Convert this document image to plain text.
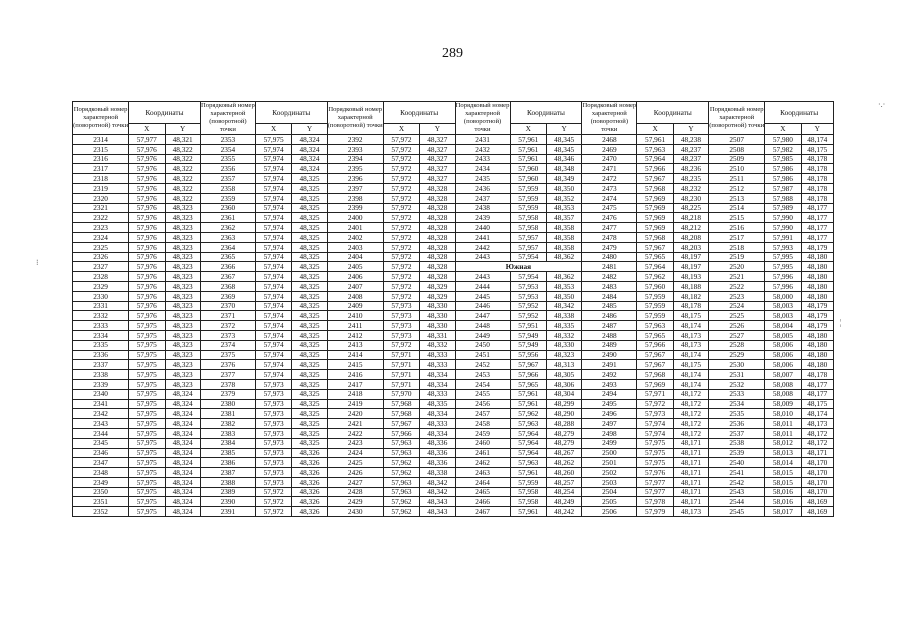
289
⁝
·.·
¦
Порядковый номер характерной (поворотной) точки	Координаты		Порядковый номер характерной (поворотной) точки	Координаты		Порядковый номер характерной (поворотной) точки	Координаты		Порядковый номер характерной (поворотной) точки	Координаты		Порядковый номер характерной (поворотной) точки	Координаты		Порядковый номер характерной (поворотной) точки	Координаты	

	X	Y		X	Y		X	Y		X	Y		X	Y		X	Y
2314	57,977	48,321	2353	57,975	48,324	2392	57,972	48,327	2431	57,961	48,345	2468	57,961	48,238	2507	57,980	48,174
2315	57,976	48,322	2354	57,974	48,324	2393	57,972	48,327	2432	57,961	48,345	2469	57,963	48,237	2508	57,982	48,175
2316	57,976	48,322	2355	57,974	48,324	2394	57,972	48,327	2433	57,961	48,346	2470	57,964	48,237	2509	57,985	48,178
2317	57,976	48,322	2356	57,974	48,324	2395	57,972	48,327	2434	57,960	48,348	2471	57,966	48,236	2510	57,986	48,178
2318	57,976	48,322	2357	57,974	48,325	2396	57,972	48,327	2435	57,960	48,349	2472	57,967	48,235	2511	57,986	48,178
2319	57,976	48,322	2358	57,974	48,325	2397	57,972	48,328	2436	57,959	48,350	2473	57,968	48,232	2512	57,987	48,178
2320	57,976	48,322	2359	57,974	48,325	2398	57,972	48,328	2437	57,959	48,352	2474	57,969	48,230	2513	57,988	48,178
2321	57,976	48,323	2360	57,974	48,325	2399	57,972	48,328	2438	57,959	48,353	2475	57,969	48,225	2514	57,989	48,177
2322	57,976	48,323	2361	57,974	48,325	2400	57,972	48,328	2439	57,958	48,357	2476	57,969	48,218	2515	57,990	48,177
2323	57,976	48,323	2362	57,974	48,325	2401	57,972	48,328	2440	57,958	48,358	2477	57,969	48,212	2516	57,990	48,177
2324	57,976	48,323	2363	57,974	48,325	2402	57,972	48,328	2441	57,957	48,358	2478	57,968	48,208	2517	57,991	48,177
2325	57,976	48,323	2364	57,974	48,325	2403	57,972	48,328	2442	57,957	48,358	2479	57,967	48,203	2518	57,993	48,179
2326	57,976	48,323	2365	57,974	48,325	2404	57,972	48,328	2443	57,954	48,362	2480	57,965	48,197	2519	57,995	48,180
2327	57,976	48,323	2366	57,974	48,325	2405	57,972	48,328	Южная			2481	57,964	48,197	2520	57,995	48,180
2328	57,976	48,323	2367	57,974	48,325	2406	57,972	48,328	2443	57,954	48,362	2482	57,962	48,193	2521	57,996	48,180
2329	57,976	48,323	2368	57,974	48,325	2407	57,972	48,329	2444	57,953	48,353	2483	57,960	48,188	2522	57,996	48,180
2330	57,976	48,323	2369	57,974	48,325	2408	57,972	48,329	2445	57,953	48,350	2484	57,959	48,182	2523	58,000	48,180
2331	57,976	48,323	2370	57,974	48,325	2409	57,973	48,330	2446	57,952	48,342	2485	57,959	48,178	2524	58,003	48,179
2332	57,976	48,323	2371	57,974	48,325	2410	57,973	48,330	2447	57,952	48,338	2486	57,959	48,175	2525	58,003	48,179
2333	57,975	48,323	2372	57,974	48,325	2411	57,973	48,330	2448	57,951	48,335	2487	57,963	48,174	2526	58,004	48,179
2334	57,975	48,323	2373	57,974	48,325	2412	57,973	48,331	2449	57,949	48,332	2488	57,965	48,173	2527	58,005	48,180
2335	57,975	48,323	2374	57,974	48,325	2413	57,972	48,332	2450	57,949	48,330	2489	57,966	48,173	2528	58,006	48,180
2336	57,975	48,323	2375	57,974	48,325	2414	57,971	48,333	2451	57,956	48,323	2490	57,967	48,174	2529	58,006	48,180
2337	57,975	48,323	2376	57,974	48,325	2415	57,971	48,333	2452	57,967	48,313	2491	57,967	48,175	2530	58,006	48,180
2338	57,975	48,323	2377	57,974	48,325	2416	57,971	48,334	2453	57,966	48,305	2492	57,968	48,174	2531	58,007	48,178
2339	57,975	48,323	2378	57,973	48,325	2417	57,971	48,334	2454	57,965	48,306	2493	57,969	48,174	2532	58,008	48,177
2340	57,975	48,324	2379	57,973	48,325	2418	57,970	48,333	2455	57,961	48,304	2494	57,971	48,172	2533	58,008	48,177
2341	57,975	48,324	2380	57,973	48,325	2419	57,968	48,335	2456	57,961	48,299	2495	57,972	48,172	2534	58,009	48,175
2342	57,975	48,324	2381	57,973	48,325	2420	57,968	48,334	2457	57,962	48,290	2496	57,973	48,172	2535	58,010	48,174
2343	57,975	48,324	2382	57,973	48,325	2421	57,967	48,333	2458	57,963	48,288	2497	57,974	48,172	2536	58,011	48,173
2344	57,975	48,324	2383	57,973	48,325	2422	57,966	48,334	2459	57,964	48,279	2498	57,974	48,172	2537	58,011	48,172
2345	57,975	48,324	2384	57,973	48,325	2423	57,963	48,336	2460	57,964	48,279	2499	57,975	48,171	2538	58,012	48,172
2346	57,975	48,324	2385	57,973	48,326	2424	57,963	48,336	2461	57,964	48,267	2500	57,975	48,171	2539	58,013	48,171
2347	57,975	48,324	2386	57,973	48,326	2425	57,962	48,336	2462	57,963	48,262	2501	57,975	48,171	2540	58,014	48,170
2348	57,975	48,324	2387	57,973	48,326	2426	57,962	48,338	2463	57,961	48,260	2502	57,976	48,171	2541	58,015	48,170
2349	57,975	48,324	2388	57,973	48,326	2427	57,963	48,342	2464	57,959	48,257	2503	57,977	48,171	2542	58,015	48,170
2350	57,975	48,324	2389	57,972	48,326	2428	57,963	48,342	2465	57,958	48,254	2504	57,977	48,171	2543	58,016	48,170
2351	57,975	48,324	2390	57,972	48,326	2429	57,962	48,343	2466	57,958	48,249	2505	57,978	48,171	2544	58,016	48,169
2352	57,975	48,324	2391	57,972	48,326	2430	57,962	48,343	2467	57,961	48,242	2506	57,979	48,173	2545	58,017	48,169
